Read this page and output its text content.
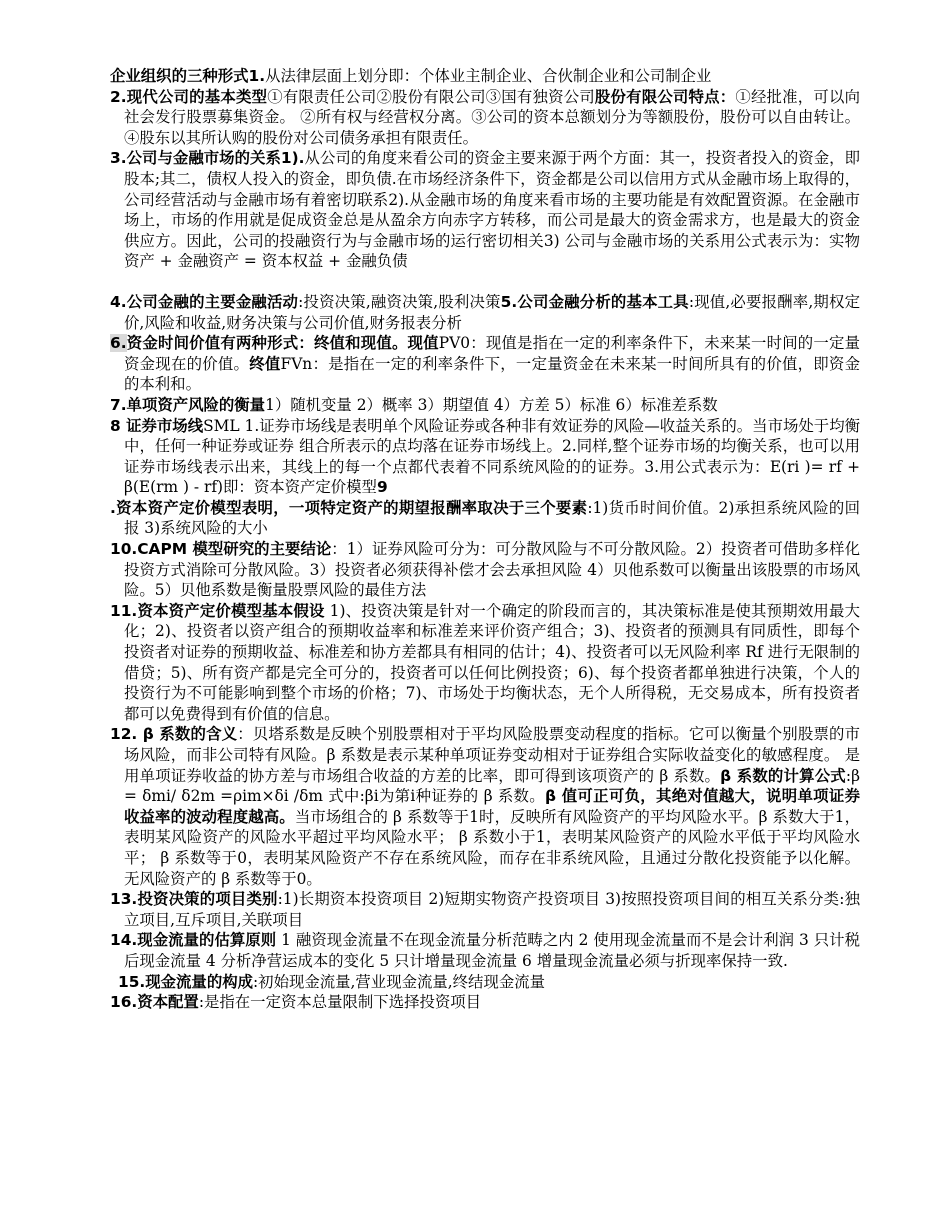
企业组织的三种形式1.从法律层面上划分即：个体业主制企业、合伙制企业和公司制企业

2.现代公司的基本类型①有限责任公司②股份有限公司③国有独资公司股份有限公司特点：①经批准，可以向社会发行股票募集资金。 ②所有权与经营权分离。③公司的资本总额划分为等额股份，股份可以自由转让。④股东以其所认购的股份对公司债务承担有限责任。

3.公司与金融市场的关系1).从公司的角度来看公司的资金主要来源于两个方面：其一，投资者投入的资金，即股本;其二，债权人投入的资金，即负债.在市场经济条件下，资金都是公司以信用方式从金融市场上取得的，公司经营活动与金融市场有着密切联系2).从金融市场的角度来看市场的主要功能是有效配置资源。在金融市场上，市场的作用就是促成资金总是从盈余方向赤字方转移，而公司是最大的资金需求方，也是最大的资金供应方。因此，公司的投融资行为与金融市场的运行密切相关3) 公司与金融市场的关系用公式表示为：实物资产 + 金融资产 = 资本权益 + 金融负债

4.公司金融的主要金融活动:投资决策,融资决策,股利决策5.公司金融分析的基本工具:现值,必要报酬率,期权定价,风险和收益,财务决策与公司价值,财务报表分析

6.资金时间价值有两种形式：终值和现值。现值PV0：现值是指在一定的利率条件下，未来某一时间的一定量资金现在的价值。终值FVn：是指在一定的利率条件下，一定量资金在未来某一时间所具有的价值，即资金的本利和。

7.单项资产风险的衡量1）随机变量 2）概率 3）期望值 4）方差 5）标准 6）标准差系数

8 证券市场线SML 1.证券市场线是表明单个风险证券或各种非有效证券的风险—收益关系的。当市场处于均衡中，任何一种证券或证券 组合所表示的点均落在证券市场线上。2.同样,整个证券市场的均衡关系，也可以用证券市场线表示出来，其线上的每一个点都代表着不同系统风险的的证券。3.用公式表示为：E(ri )= rf + β(E(rm ) - rf)即：资本资产定价模型9

.资本资产定价模型表明，一项特定资产的期望报酬率取决于三个要素:1)货币时间价值。2)承担系统风险的回报 3)系统风险的大小

10.CAPM 模型研究的主要结论：1）证券风险可分为：可分散风险与不可分散风险。2）投资者可借助多样化投资方式消除可分散风险。3）投资者必须获得补偿才会去承担风险 4）贝他系数可以衡量出该股票的市场风险。5）贝他系数是衡量股票风险的最佳方法

11.资本资产定价模型基本假设 1)、投资决策是针对一个确定的阶段而言的，其决策标准是使其预期效用最大化；2)、投资者以资产组合的预期收益率和标准差来评价资产组合；3)、投资者的预测具有同质性，即每个投资者对证券的预期收益、标准差和协方差都具有相同的估计；4)、投资者可以无风险利率 Rf 进行无限制的借贷；5)、所有资产都是完全可分的，投资者可以任何比例投资；6)、每个投资者都单独进行决策，个人的投资行为不可能影响到整个市场的价格；7)、市场处于均衡状态，无个人所得税，无交易成本，所有投资者都可以免费得到有价值的信息。

12. β 系数的含义：贝塔系数是反映个别股票相对于平均风险股票变动程度的指标。它可以衡量个别股票的市场风险，而非公司特有风险。β 系数是表示某种单项证券变动相对于证券组合实际收益变化的敏感程度。 是用单项证券收益的协方差与市场组合收益的方差的比率，即可得到该项资产的 β 系数。β 系数的计算公式:β = δmi/ δ2m =ρim×δi /δm 式中:βi为第i种证券的 β 系数。β 值可正可负，其绝对值越大，说明单项证券收益率的波动程度越高。当市场组合的 β 系数等于1时，反映所有风险资产的平均风险水平。β 系数大于1，表明某风险资产的风险水平超过平均风险水平； β 系数小于1，表明某风险资产的风险水平低于平均风险水平； β 系数等于0，表明某风险资产不存在系统风险，而存在非系统风险，且通过分散化投资能予以化解。无风险资产的 β 系数等于0。

13.投资决策的项目类别:1)长期资本投资项目 2)短期实物资产投资项目 3)按照投资项目间的相互关系分类:独立项目,互斥项目,关联项目

14.现金流量的估算原则 1 融资现金流量不在现金流量分析范畴之内 2 使用现金流量而不是会计利润 3 只计税后现金流量 4 分析净营运成本的变化 5 只计增量现金流量 6 增量现金流量必须与折现率保持一致.

15.现金流量的构成:初始现金流量,营业现金流量,终结现金流量

16.资本配置:是指在一定资本总量限制下选择投资项目
